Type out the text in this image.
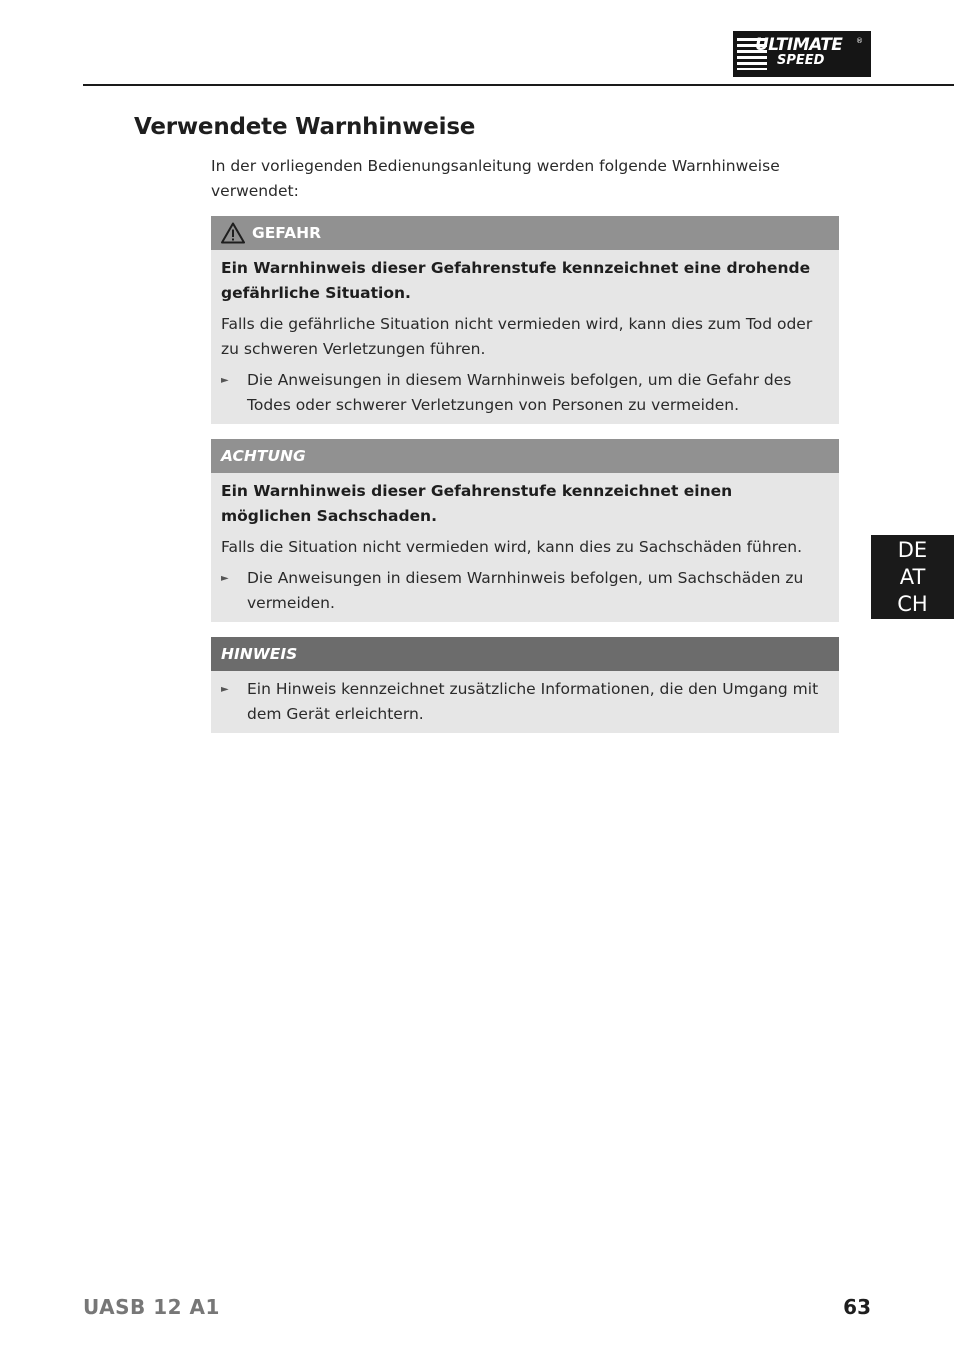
ULTIMATE
SPEED
®
Verwendete Warnhinweise

In der vorliegenden Bedienungsanleitung werden folgende Warnhinweise verwendet:

GEFAHR

Ein Warnhinweis dieser Gefahrenstufe kennzeichnet eine drohende gefährliche Situation.

Falls die gefährliche Situation nicht vermieden wird, kann dies zum Tod oder zu schweren Verletzungen führen.

►	Die Anweisungen in diesem Warnhinweis befolgen, um die Gefahr des Todes oder schwerer Verletzungen von Personen zu vermeiden.
ACHTUNG

Ein Warnhinweis dieser Gefahrenstufe kennzeichnet einen möglichen Sachschaden.

Falls die Situation nicht vermieden wird, kann dies zu Sachschäden führen.

►	Die Anweisungen in diesem Warnhinweis befolgen, um Sachschäden zu vermeiden.
HINWEIS
►	Ein Hinweis kennzeichnet zusätzliche Informationen, die den Umgang mit dem Gerät erleichtern.
DE
AT
CH
UASB 12 A1	63
